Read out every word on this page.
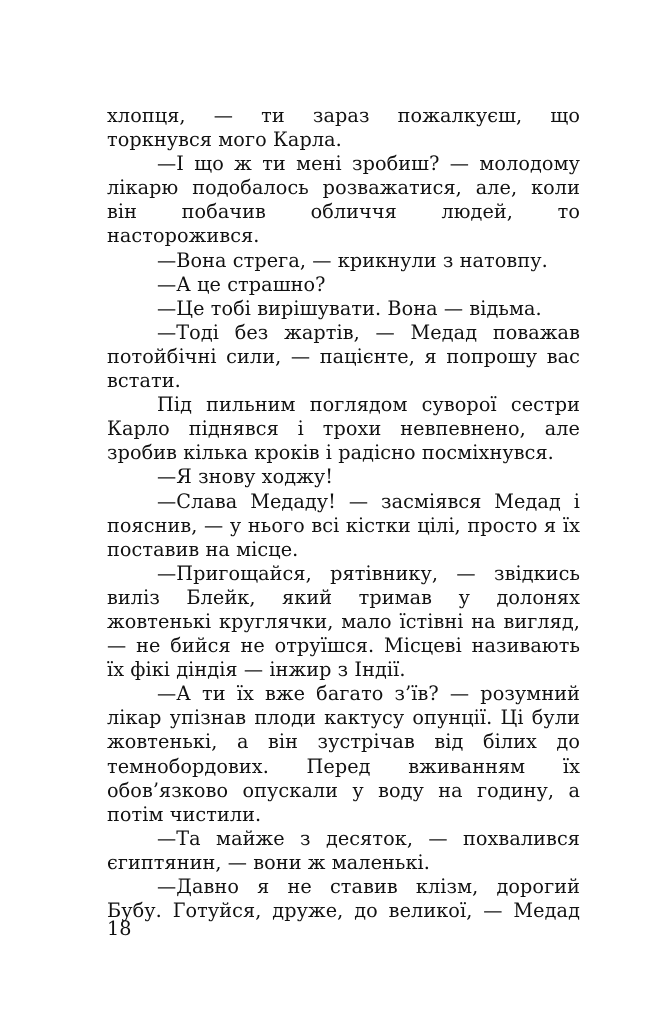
хлопця, — ти зараз пожалкуєш, що торкнувся мого Карла.

—І що ж ти мені зробиш? — молодому лікарю подобалось розважатися, але, коли він побачив обличчя людей, то насторожився.

—Вона стрега, — крикнули з натовпу.

—А це страшно?

—Це тобі вирішувати. Вона — відьма.

—Тоді без жартів, — Медад поважав потойбічні сили, — пацієнте, я попрошу вас встати.

Під пильним поглядом суворої сестри Карло піднявся і трохи невпевнено, але зробив кілька кроків і радісно посміхнувся.

—Я знову ходжу!

—Слава Медаду! — засміявся Медад і пояснив, — у нього всі кістки цілі, просто я їх поставив на місце.

—Пригощайся, рятівнику, — звідкись виліз Блейк, який тримав у долонях жовтенькі круглячки, мало їстівні на вигляд, — не бийся не отруїшся. Місцеві називають їх фікі діндія — інжир з Індії.

—А ти їх вже багато з’їв? — розумний лікар упізнав плоди кактусу опунції. Ці були жовтенькі, а він зустрічав від білих до темнобордових. Перед вживанням їх обов’язково опускали у воду на годину, а потім чистили.

—Та майже з десяток, — похвалився єгиптянин, — вони ж маленькі.

—Давно я не ставив клізм, дорогий Бубу. Готуйся, друже, до великої, — Медад

18
